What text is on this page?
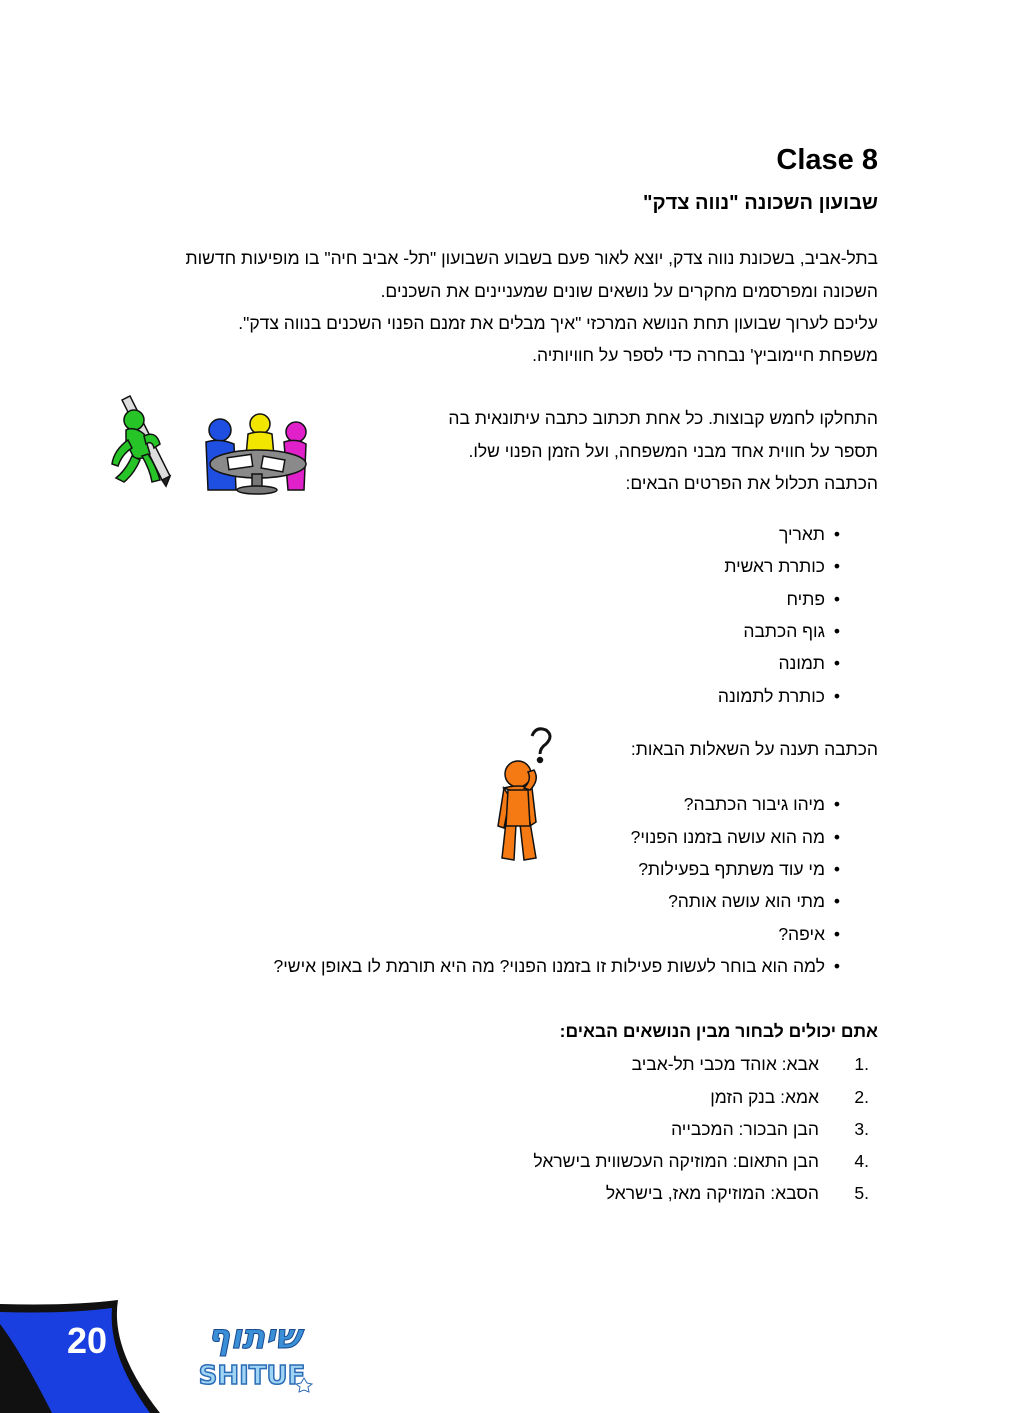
Clase 8
שבועון השכונה "נווה צדק"
בתל-אביב, בשכונת נווה צדק, יוצא לאור פעם בשבוע השבועון "תל- אביב חיה" בו מופיעות חדשות
השכונה ומפרסמים מחקרים על נושאים שונים שמעניינים את השכנים.
עליכם לערוך שבועון תחת הנושא המרכזי "איך מבלים את זמנם הפנוי השכנים בנווה צדק".
משפחת חיימוביץ' נבחרה כדי לספר על חוויותיה.
התחלקו לחמש קבוצות. כל אחת תכתוב כתבה עיתונאית בה
תספר על חווית אחד מבני המשפחה, ועל הזמן הפנוי שלו.
הכתבה תכלול את הפרטים הבאים:
•
תאריך
•
כותרת ראשית
•
פתיח
•
גוף הכתבה
•
תמונה
•
כותרת לתמונה
הכתבה תענה על השאלות הבאות:
•
מיהו גיבור הכתבה?
•
מה הוא עושה בזמנו הפנוי?
•
מי עוד משתתף בפעילות?
•
מתי הוא עושה אותה?
•
איפה?
•
למה הוא בוחר לעשות פעילות זו בזמנו הפנוי? מה היא תורמת לו באופן אישי?
אתם יכולים לבחור מבין הנושאים הבאים:
1.
אבא: אוהד מכבי תל-אביב
2.
אמא: בנק הזמן
3.
הבן הבכור: המכבייה
4.
הבן התאום: המוזיקה העכשווית בישראל
5.
הסבא: המוזיקה מאז, בישראל
20	שיתוף
SHITUF
